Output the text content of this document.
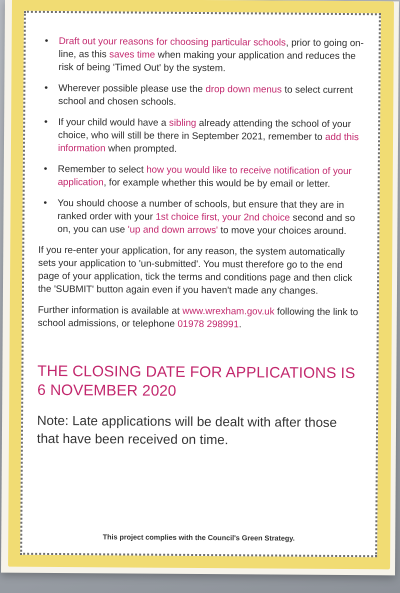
• Draft out your reasons for choosing particular schools, prior to going on-line, as this saves time when making your application and reduces the risk of being 'Timed Out' by the system.
• Wherever possible please use the drop down menus to select current school and chosen schools.
• If your child would have a sibling already attending the school of your choice, who will still be there in September 2021, remember to add this information when prompted.
• Remember to select how you would like to receive notification of your application, for example whether this would be by email or letter.
• You should choose a number of schools, but ensure that they are in ranked order with your 1st choice first, your 2nd choice second and so on, you can use 'up and down arrows' to move your choices around.

If you re-enter your application, for any reason, the system automatically sets your application to 'un-submitted'. You must therefore go to the end page of your application, tick the terms and conditions page and then click the 'SUBMIT' button again even if you haven't made any changes.

Further information is available at www.wrexham.gov.uk following the link to school admissions, or telephone 01978 298991.

THE CLOSING DATE FOR APPLICATIONS IS 6 NOVEMBER 2020

Note: Late applications will be dealt with after those that have been received on time.

This project complies with the Council's Green Strategy.
